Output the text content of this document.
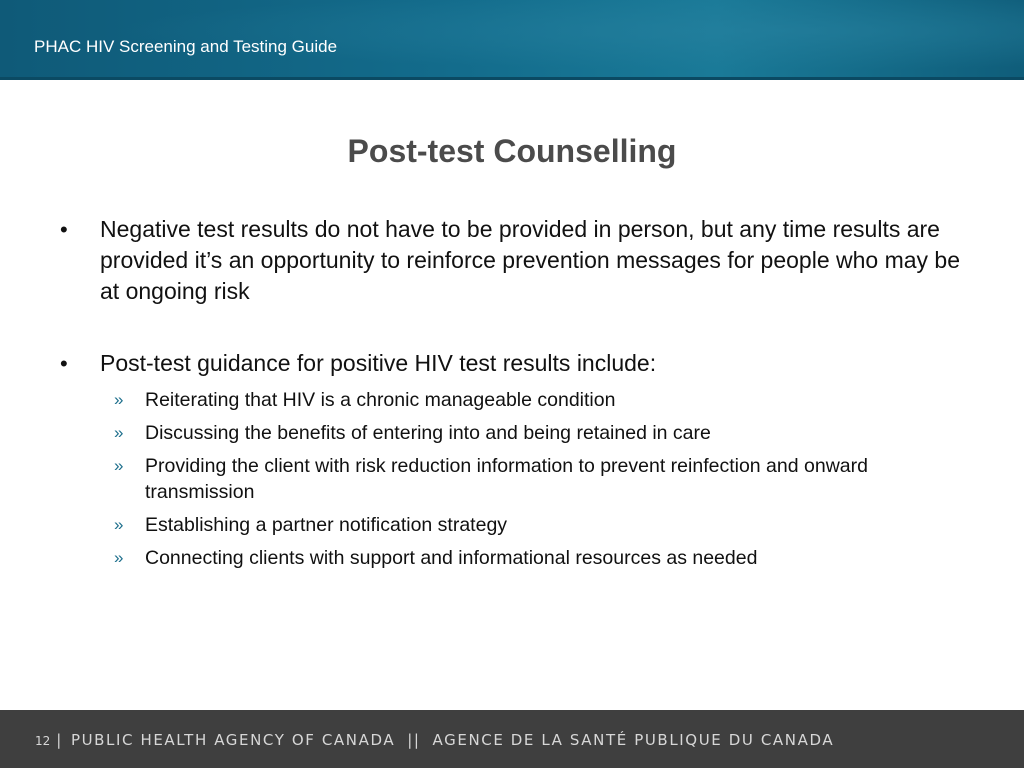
PHAC HIV Screening and Testing Guide
Post-test Counselling
• Negative test results do not have to be provided in person, but any time results are provided it’s an opportunity to reinforce prevention messages for people who may be at ongoing risk
• Post-test guidance for positive HIV test results include:
» Reiterating that HIV is a chronic manageable condition
» Discussing the benefits of entering into and being retained in care
» Providing the client with risk reduction information to prevent reinfection and onward transmission
» Establishing a partner notification strategy
» Connecting clients with support and informational resources as needed
12 | PUBLIC HEALTH AGENCY OF CANADA || AGENCE DE LA SANTÉ PUBLIQUE DU CANADA
